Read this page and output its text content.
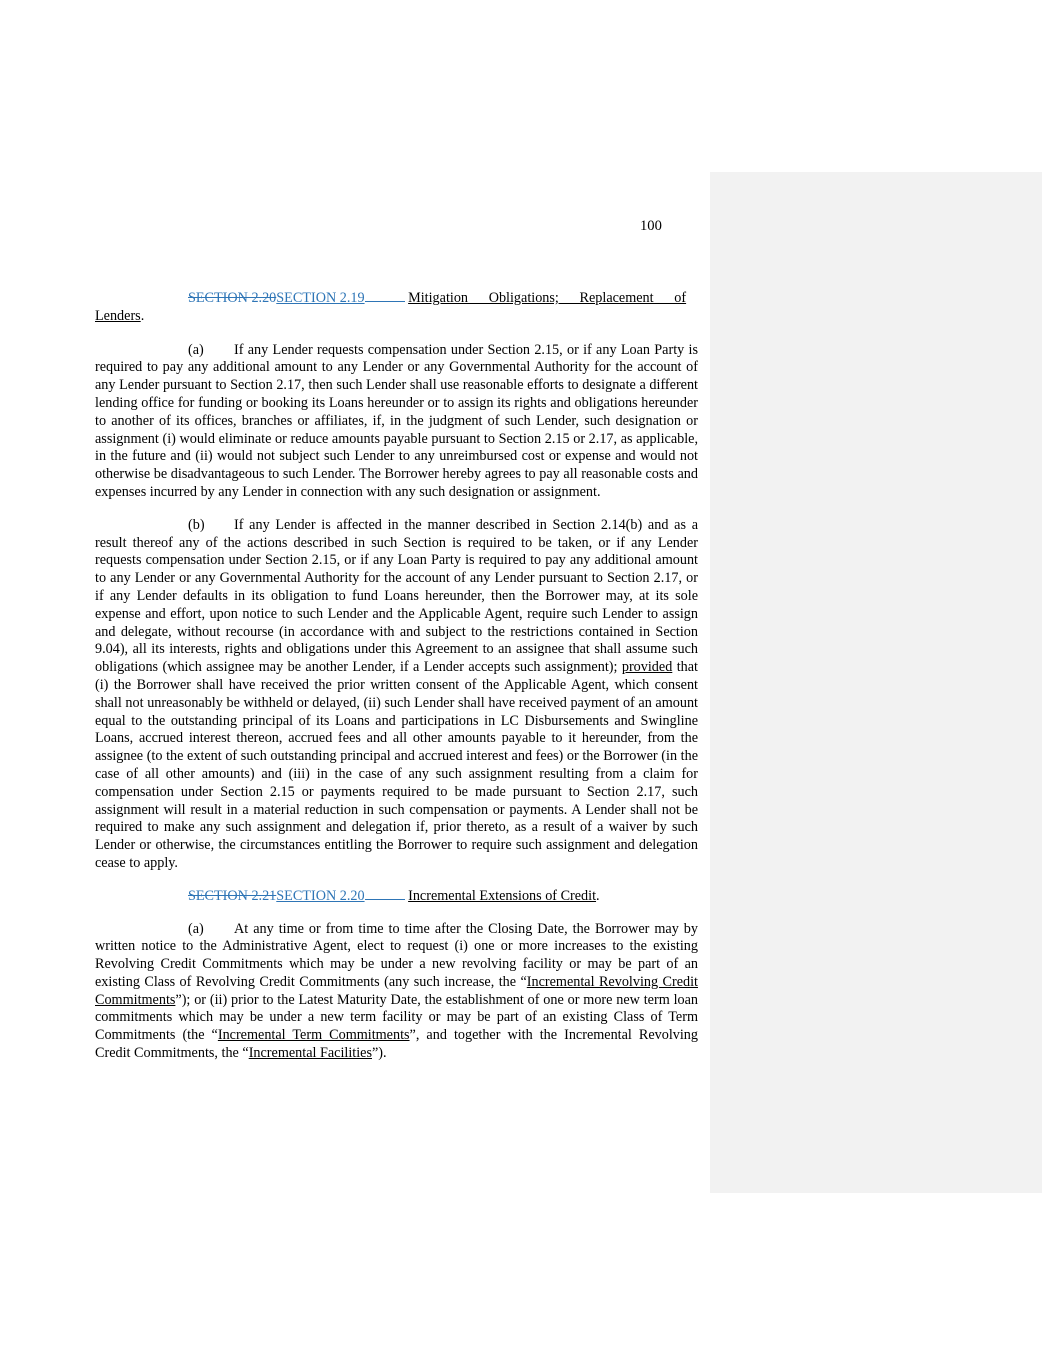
100

SECTION 2.20SECTION 2.19	Mitigation Obligations; Replacement of
Lenders.

(a) If any Lender requests compensation under Section 2.15, or if any Loan Party is required to pay any additional amount to any Lender or any Governmental Authority for the account of any Lender pursuant to Section 2.17, then such Lender shall use reasonable efforts to designate a different lending office for funding or booking its Loans hereunder or to assign its rights and obligations hereunder to another of its offices, branches or affiliates, if, in the judgment of such Lender, such designation or assignment (i) would eliminate or reduce amounts payable pursuant to Section 2.15 or 2.17, as applicable, in the future and (ii) would not subject such Lender to any unreimbursed cost or expense and would not otherwise be disadvantageous to such Lender. The Borrower hereby agrees to pay all reasonable costs and expenses incurred by any Lender in connection with any such designation or assignment.

(b) If any Lender is affected in the manner described in Section 2.14(b) and as a result thereof any of the actions described in such Section is required to be taken, or if any Lender requests compensation under Section 2.15, or if any Loan Party is required to pay any additional amount to any Lender or any Governmental Authority for the account of any Lender pursuant to Section 2.17, or if any Lender defaults in its obligation to fund Loans hereunder, then the Borrower may, at its sole expense and effort, upon notice to such Lender and the Applicable Agent, require such Lender to assign and delegate, without recourse (in accordance with and subject to the restrictions contained in Section 9.04), all its interests, rights and obligations under this Agreement to an assignee that shall assume such obligations (which assignee may be another Lender, if a Lender accepts such assignment); provided that (i) the Borrower shall have received the prior written consent of the Applicable Agent, which consent shall not unreasonably be withheld or delayed, (ii) such Lender shall have received payment of an amount equal to the outstanding principal of its Loans and participations in LC Disbursements and Swingline Loans, accrued interest thereon, accrued fees and all other amounts payable to it hereunder, from the assignee (to the extent of such outstanding principal and accrued interest and fees) or the Borrower (in the case of all other amounts) and (iii) in the case of any such assignment resulting from a claim for compensation under Section 2.15 or payments required to be made pursuant to Section 2.17, such assignment will result in a material reduction in such compensation or payments. A Lender shall not be required to make any such assignment and delegation if, prior thereto, as a result of a waiver by such Lender or otherwise, the circumstances entitling the Borrower to require such assignment and delegation cease to apply.

SECTION 2.21SECTION 2.20	Incremental Extensions of Credit.

(a) At any time or from time to time after the Closing Date, the Borrower may by written notice to the Administrative Agent, elect to request (i) one or more increases to the existing Revolving Credit Commitments which may be under a new revolving facility or may be part of an existing Class of Revolving Credit Commitments (any such increase, the “Incremental Revolving Credit Commitments”); or (ii) prior to the Latest Maturity Date, the establishment of one or more new term loan commitments which may be under a new term facility or may be part of an existing Class of Term Commitments (the “Incremental Term Commitments”, and together with the Incremental Revolving Credit Commitments, the “Incremental Facilities”).
